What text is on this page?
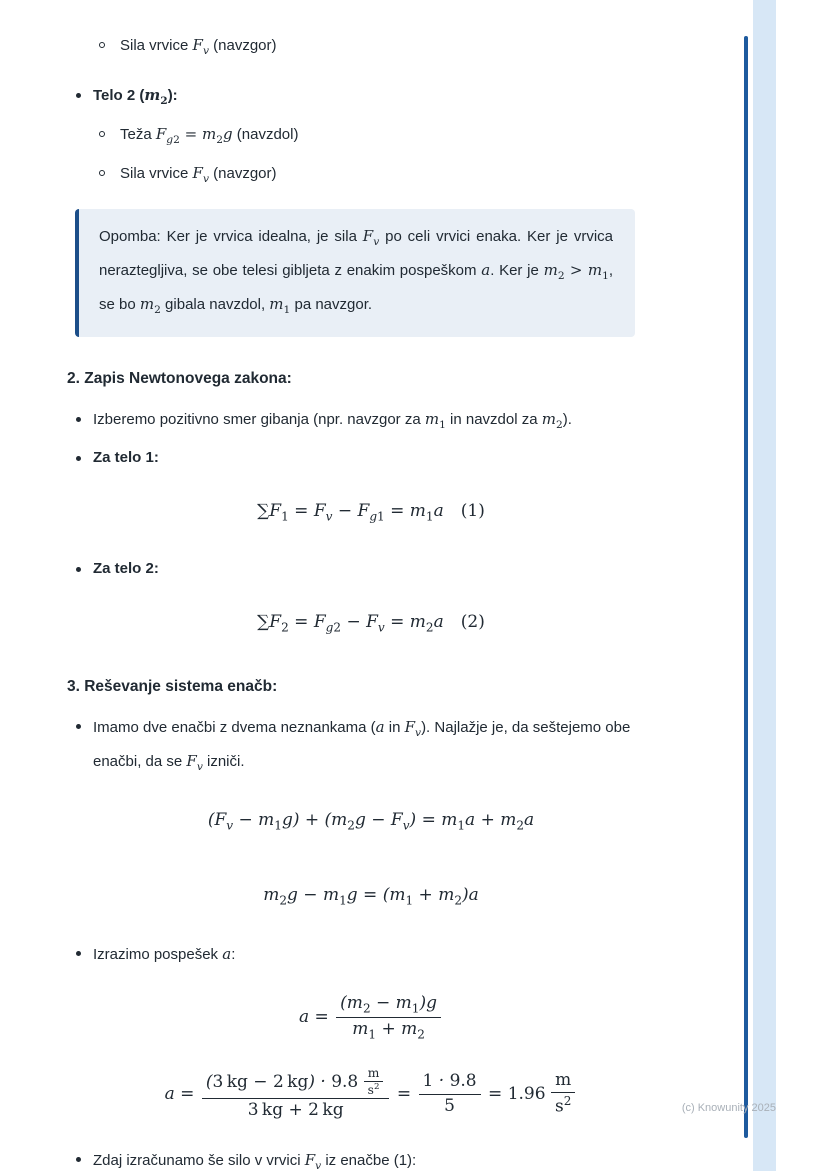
(c) Knowunity 2025
Sila vrvice $F_v$ (navzgor)
Telo 2 $(m_2)$:
Teža $F_{g2} = m_2g$ (navzdol)
Sila vrvice $F_v$ (navzgor)

Opomba: Ker je vrvica idealna, je sila $F_v$ po celi vrvici enaka. Ker je vrvica neraztegljiva, se obe telesi gibljeta z enakim pospeškom a. Ker je $m_2 > m_1$, se bo $m_2$ gibala navzdol, $m_1$ pa navzgor.

2. Zapis Newtonovega zakona:
Izberemo pozitivno smer gibanja (npr. navzgor za $m_1$ in navzdol za $m_2$).
Za telo 1:
$\sum F_1 = F_v - F_{g1} = m_1a$ (1)
Za telo 2:
$\sum F_2 = F_{g2} - F_v = m_2a$ (2)
3. Reševanje sistema enačb:
Imamo dve enačbi z dvema neznankama (a in $F_v$). Najlažje je, da seštejemo obe enačbi, da se $F_v$ izniči.
$(F_v - m_1g) + (m_2g - F_v) = m_1a + m_2a$
$m_2g - m_1g = (m_1 + m_2)a$
Izrazimo pospešek a:
$a = \frac{(m_2 - m_1)g}{m_1 + m_2}$
$a = \frac{(3 kg - 2 kg) \cdot 9.8 \frac{m}{s^2}}{3 kg + 2 kg} = \frac{1 \cdot 9.8}{5} = 1.96 \frac{m}{s^2}$
Zdaj izračunamo še silo v vrvici $F_v$ iz enačbe (1):
